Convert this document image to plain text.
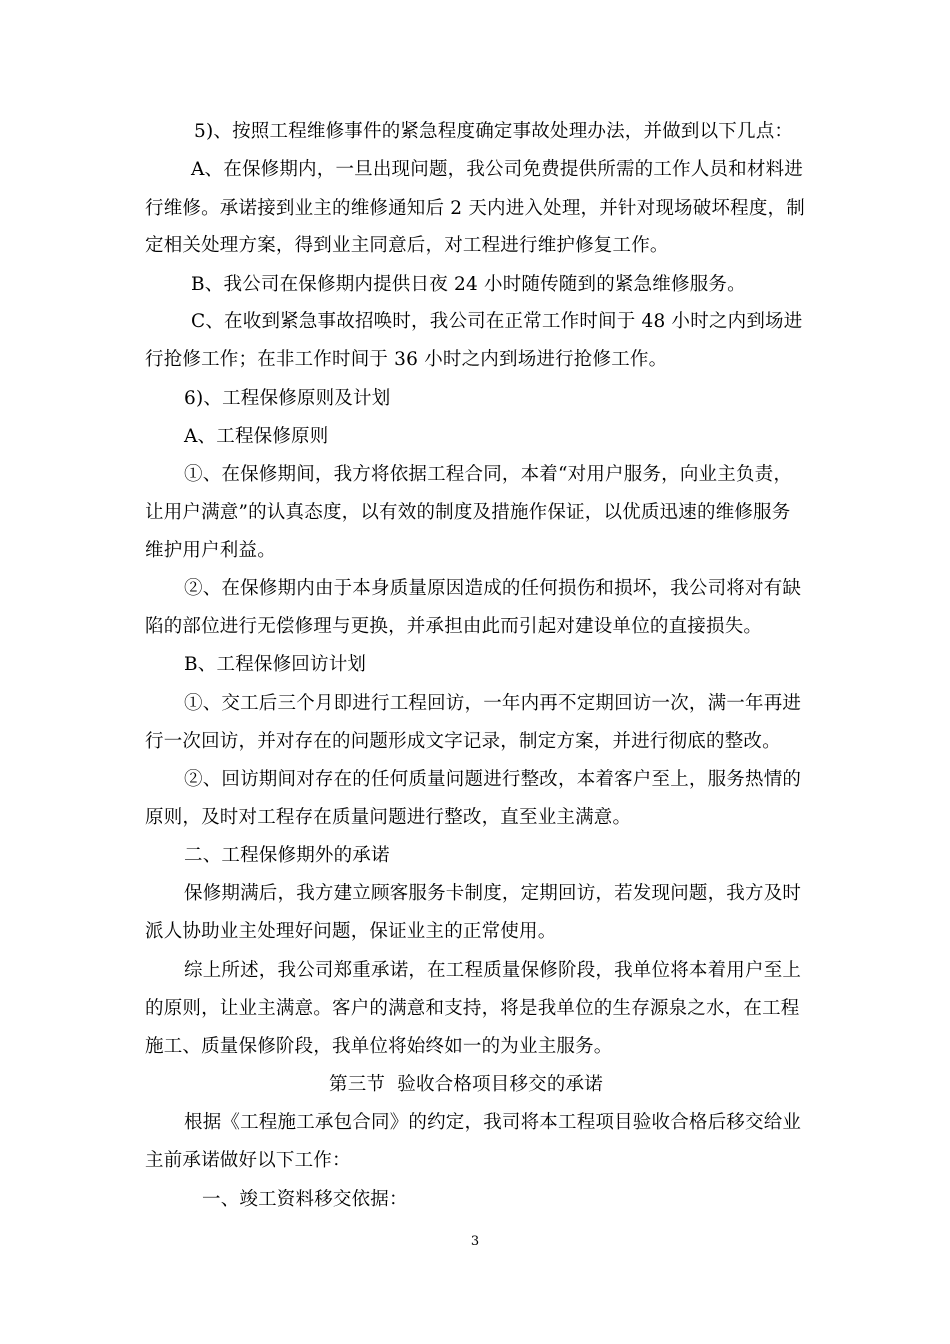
5)、按照工程维修事件的紧急程度确定事故处理办法，并做到以下几点：
A、在保修期内，一旦出现问题，我公司免费提供所需的工作人员和材料进
行维修。承诺接到业主的维修通知后 2 天内进入处理，并针对现场破坏程度，制
定相关处理方案，得到业主同意后，对工程进行维护修复工作。
B、我公司在保修期内提供日夜 24 小时随传随到的紧急维修服务。
C、在收到紧急事故招唤时，我公司在正常工作时间于 48 小时之内到场进
行抢修工作；在非工作时间于 36 小时之内到场进行抢修工作。
6)、工程保修原则及计划
A、工程保修原则
①、在保修期间，我方将依据工程合同，本着“对用户服务，向业主负责，
让用户满意”的认真态度，以有效的制度及措施作保证，以优质迅速的维修服务
维护用户利益。
②、在保修期内由于本身质量原因造成的任何损伤和损坏，我公司将对有缺
陷的部位进行无偿修理与更换，并承担由此而引起对建设单位的直接损失。
B、工程保修回访计划
①、交工后三个月即进行工程回访，一年内再不定期回访一次，满一年再进
行一次回访，并对存在的问题形成文字记录，制定方案，并进行彻底的整改。
②、回访期间对存在的任何质量问题进行整改，本着客户至上，服务热情的
原则，及时对工程存在质量问题进行整改，直至业主满意。
二、工程保修期外的承诺
保修期满后，我方建立顾客服务卡制度，定期回访，若发现问题，我方及时
派人协助业主处理好问题，保证业主的正常使用。
综上所述，我公司郑重承诺，在工程质量保修阶段，我单位将本着用户至上
的原则，让业主满意。客户的满意和支持，将是我单位的生存源泉之水，在工程
施工、质量保修阶段，我单位将始终如一的为业主服务。
第三节  验收合格项目移交的承诺
根据《工程施工承包合同》的约定，我司将本工程项目验收合格后移交给业
主前承诺做好以下工作：
一、竣工资料移交依据：
3
